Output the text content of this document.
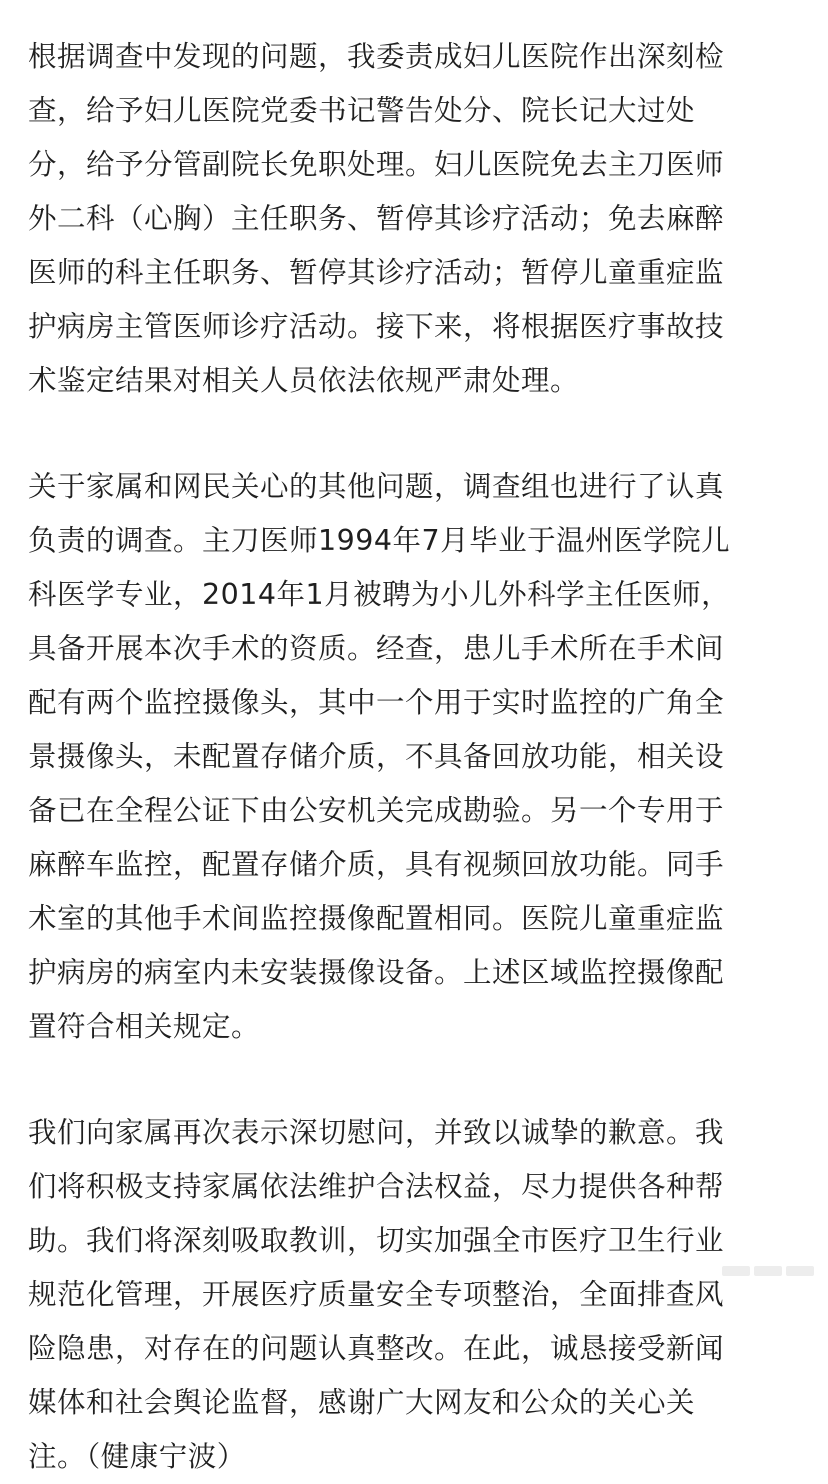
根据调查中发现的问题，我委责成妇儿医院作出深刻检
查，给予妇儿医院党委书记警告处分、院长记大过处
分，给予分管副院长免职处理。妇儿医院免去主刀医师
外二科（心胸）主任职务、暂停其诊疗活动；免去麻醉
医师的科主任职务、暂停其诊疗活动；暂停儿童重症监
护病房主管医师诊疗活动。接下来，将根据医疗事故技
术鉴定结果对相关人员依法依规严肃处理。

关于家属和网民关心的其他问题，调查组也进行了认真
负责的调查。主刀医师1994年7月毕业于温州医学院儿
科医学专业，2014年1月被聘为小儿外科学主任医师，
具备开展本次手术的资质。经查，患儿手术所在手术间
配有两个监控摄像头，其中一个用于实时监控的广角全
景摄像头，未配置存储介质，不具备回放功能，相关设
备已在全程公证下由公安机关完成勘验。另一个专用于
麻醉车监控，配置存储介质，具有视频回放功能。同手
术室的其他手术间监控摄像配置相同。医院儿童重症监
护病房的病室内未安装摄像设备。上述区域监控摄像配
置符合相关规定。

我们向家属再次表示深切慰问，并致以诚挚的歉意。我
们将积极支持家属依法维护合法权益，尽力提供各种帮
助。我们将深刻吸取教训，切实加强全市医疗卫生行业
规范化管理，开展医疗质量安全专项整治，全面排查风
险隐患，对存在的问题认真整改。在此，诚恳接受新闻
媒体和社会舆论监督，感谢广大网友和公众的关心关
注。（健康宁波）
